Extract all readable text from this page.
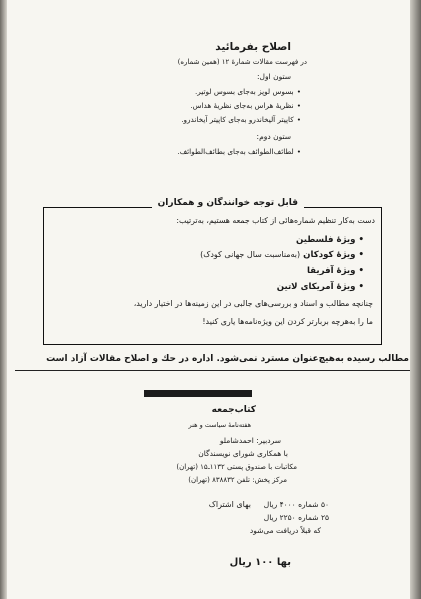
اصلاح بفرمائید
در فهرست مقالات شمارهٔ ۱۲ (همین شماره)
ستون اول:
• بسوس لوپز به‌جای بسوس لوتیر.
• نظریهٔ هراس به‌جای نظریهٔ هداس.
• کاپیتر آلیخاندرو به‌جای کاپیتر آیخاندرو.
ستون دوم:
• لطائف‌الطوائف به‌جای بطائف‌الطوائف.
قابل توجه خوانندگان و همکاران
دست به‌کار تنظیم شماره‌هائی از کتاب جمعه هستیم، به‌ترتیب:
• ویژهٔ فلسطین
• ویژهٔ کودکان (به‌مناسبت سال جهانی کودک)
• ویژهٔ آفریقا
• ویژهٔ آمریکای لاتین
چنانچه مطالب و اسناد و بررسی‌های جالبی در این زمینه‌ها در اختیار دارید،
ما را به‌هرچه بربارتر کردن این ویژه‌نامه‌ها یاری کنید!
مطالب رسیده به‌هیچ‌عنوان مسترد نمی‌شود. اداره در حك و اصلاح مقالات آزاد است
کتاب‌جمعه
هفته‌نامهٔ سیاست و هنر
سردبیر: احمدشاملو
با همکاری شورای نویسندگان
مکاتبات با صندوق پستی ۱۱۳۲ـ۱۵ (تهران)
مرکز پخش: تلفن ۸۳۸۸۳۲ (تهران)
بهای اشتراک ۵۰ شماره ۴۰۰۰ ریال
۲۵ شماره ۲۲۵۰ ریال
که قبلاً دریافت می‌شود
بها ۱۰۰ ریال
